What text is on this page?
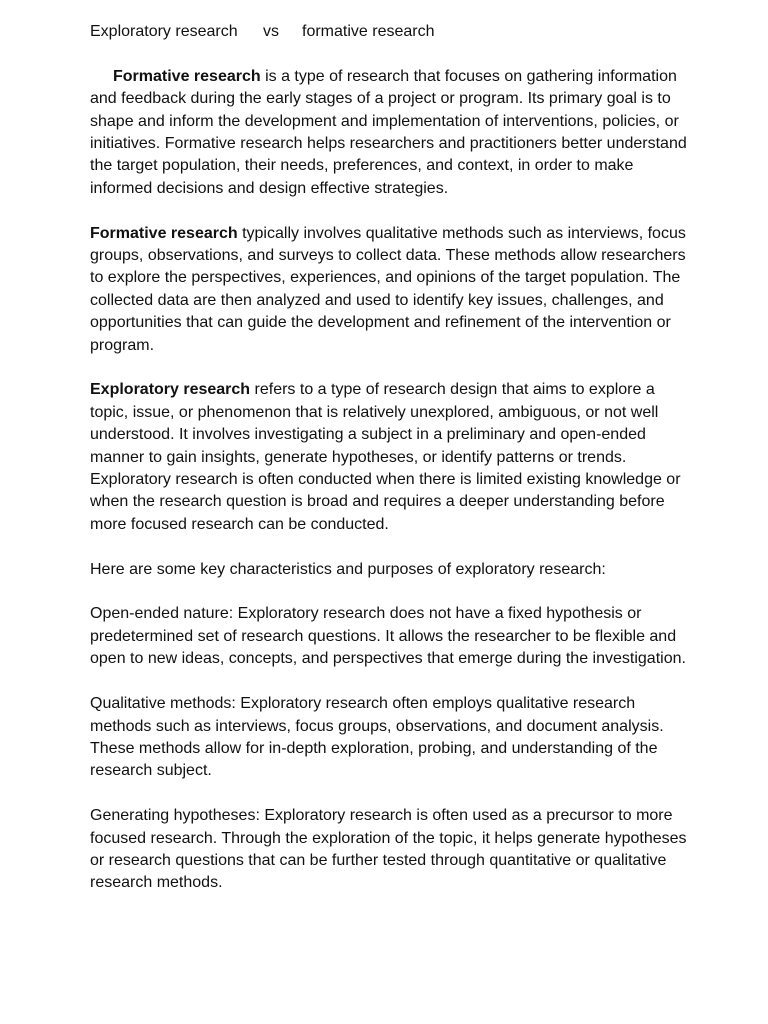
Exploratory research vs formative research

Formative research is a type of research that focuses on gathering information and feedback during the early stages of a project or program. Its primary goal is to shape and inform the development and implementation of interventions, policies, or initiatives. Formative research helps researchers and practitioners better understand the target population, their needs, preferences, and context, in order to make informed decisions and design effective strategies.

Formative research typically involves qualitative methods such as interviews, focus groups, observations, and surveys to collect data. These methods allow researchers to explore the perspectives, experiences, and opinions of the target population. The collected data are then analyzed and used to identify key issues, challenges, and opportunities that can guide the development and refinement of the intervention or program.

Exploratory research refers to a type of research design that aims to explore a topic, issue, or phenomenon that is relatively unexplored, ambiguous, or not well understood. It involves investigating a subject in a preliminary and open-ended manner to gain insights, generate hypotheses, or identify patterns or trends. Exploratory research is often conducted when there is limited existing knowledge or when the research question is broad and requires a deeper understanding before more focused research can be conducted.

Here are some key characteristics and purposes of exploratory research:

Open-ended nature: Exploratory research does not have a fixed hypothesis or predetermined set of research questions. It allows the researcher to be flexible and open to new ideas, concepts, and perspectives that emerge during the investigation.

Qualitative methods: Exploratory research often employs qualitative research methods such as interviews, focus groups, observations, and document analysis. These methods allow for in-depth exploration, probing, and understanding of the research subject.

Generating hypotheses: Exploratory research is often used as a precursor to more focused research. Through the exploration of the topic, it helps generate hypotheses or research questions that can be further tested through quantitative or qualitative research methods.
